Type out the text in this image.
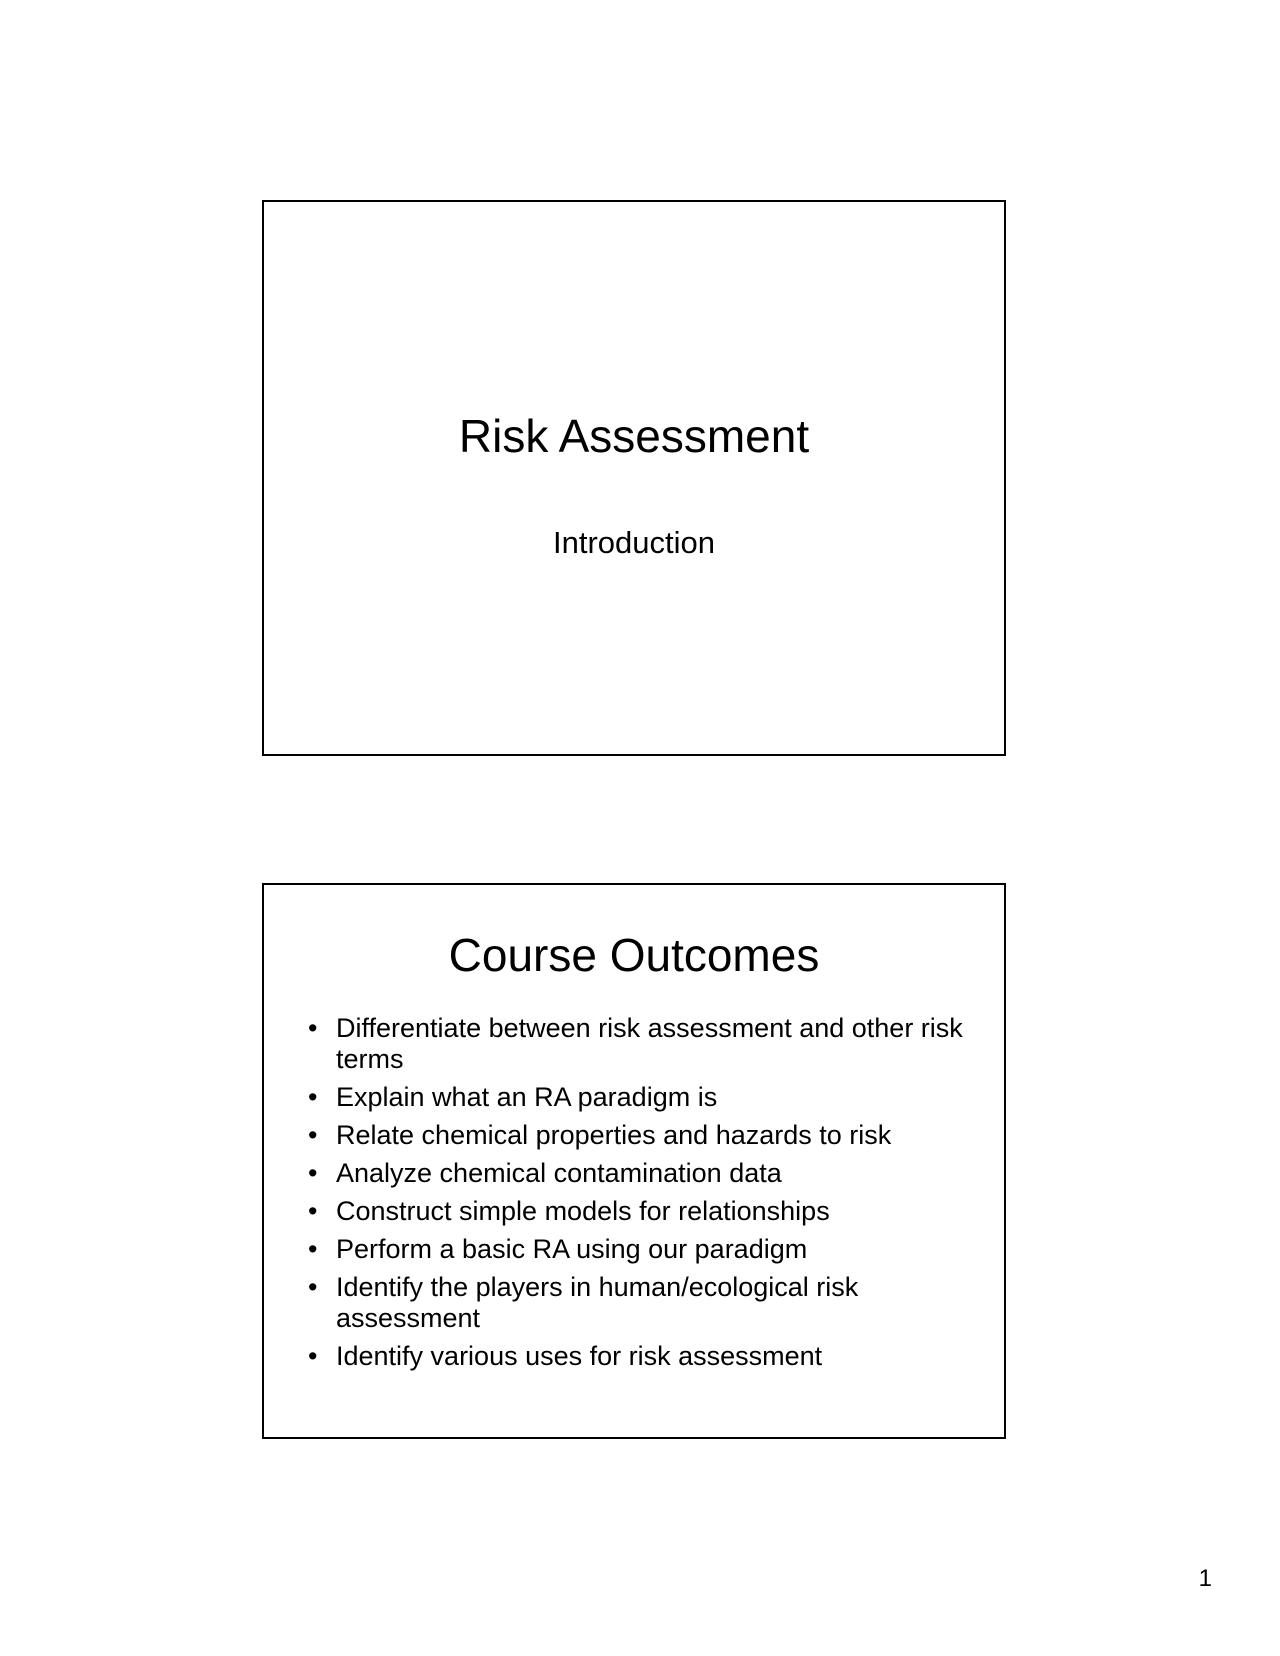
Risk Assessment
Introduction
Course Outcomes
• Differentiate between risk assessment and other risk terms
• Explain what an RA paradigm is
• Relate chemical properties and hazards to risk
• Analyze chemical contamination data
• Construct simple models for relationships
• Perform a basic RA using our paradigm
• Identify the players in human/ecological risk assessment
• Identify various uses for risk assessment
1
